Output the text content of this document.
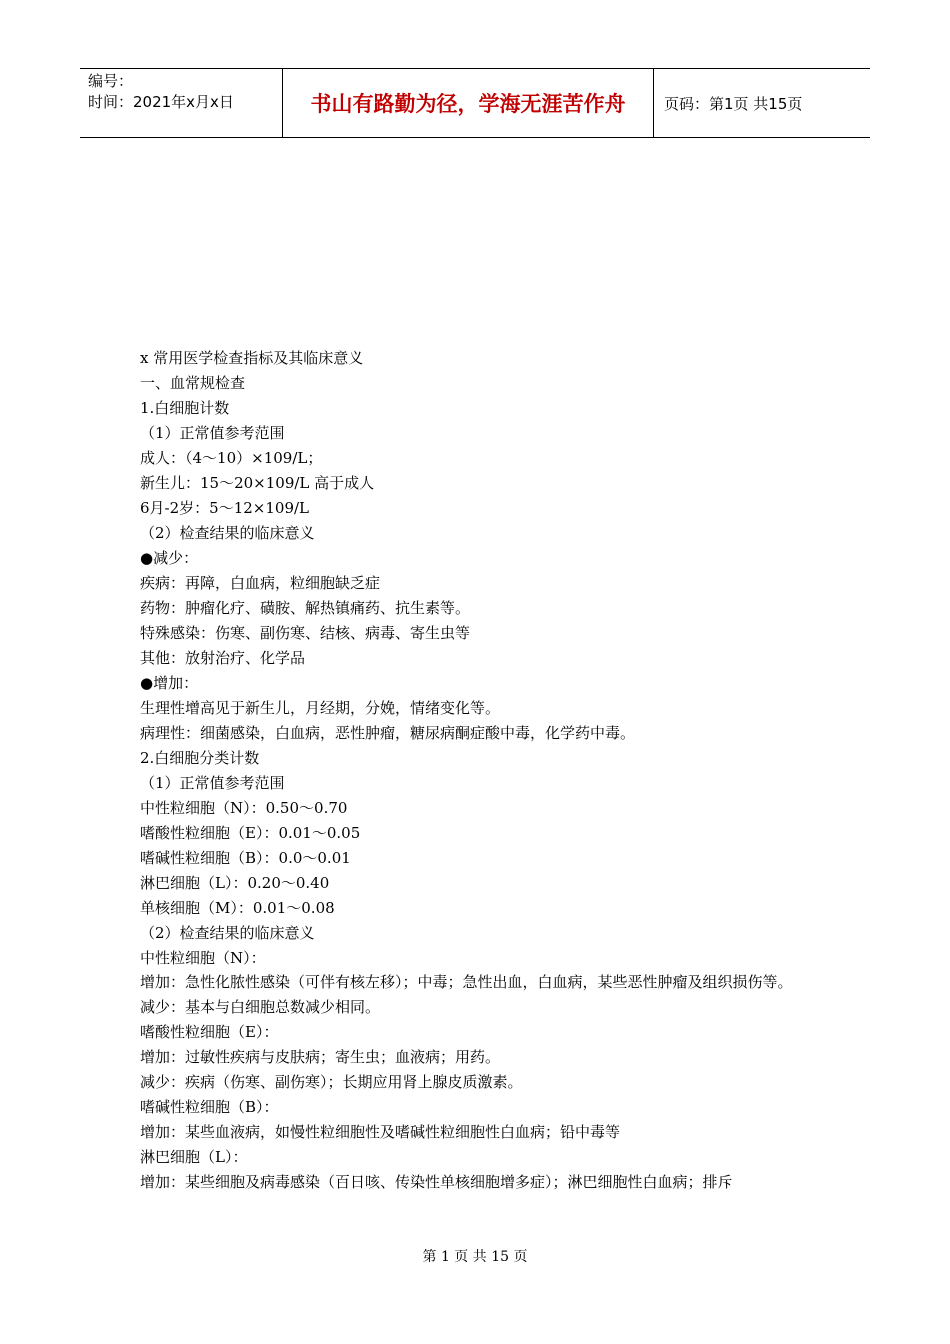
编号：
时间：2021年x月x日	书山有路勤为径，学海无涯苦作舟	页码：第1页 共15页

x 常用医学检查指标及其临床意义

一、血常规检查

1.白细胞计数

（1）正常值参考范围

成人：（4～10）×109/L；

新生儿：15～20×109/L 高于成人

6月-2岁：5～12×109/L

（2）检查结果的临床意义

●减少：

疾病：再障，白血病，粒细胞缺乏症

药物：肿瘤化疗、磺胺、解热镇痛药、抗生素等。

特殊感染：伤寒、副伤寒、结核、病毒、寄生虫等

其他：放射治疗、化学品

●增加：

生理性增高见于新生儿，月经期，分娩，情绪变化等。

病理性：细菌感染，白血病，恶性肿瘤，糖尿病酮症酸中毒，化学药中毒。

2.白细胞分类计数

（1）正常值参考范围

中性粒细胞（N）：0.50～0.70

嗜酸性粒细胞（E）：0.01～0.05

嗜碱性粒细胞（B）：0.0～0.01

淋巴细胞（L）：0.20～0.40

单核细胞（M）：0.01～0.08

（2）检查结果的临床意义

中性粒细胞（N）：

增加：急性化脓性感染（可伴有核左移）；中毒；急性出血，白血病，某些恶性肿瘤及组织损伤等。

减少：基本与白细胞总数减少相同。

嗜酸性粒细胞（E）：

增加：过敏性疾病与皮肤病；寄生虫；血液病；用药。

减少：疾病（伤寒、副伤寒）；长期应用肾上腺皮质激素。

嗜碱性粒细胞（B）：

增加：某些血液病，如慢性粒细胞性及嗜碱性粒细胞性白血病；铅中毒等

淋巴细胞（L）：

增加：某些细胞及病毒感染（百日咳、传染性单核细胞增多症）；淋巴细胞性白血病；排斥

第 1 页 共 15 页
